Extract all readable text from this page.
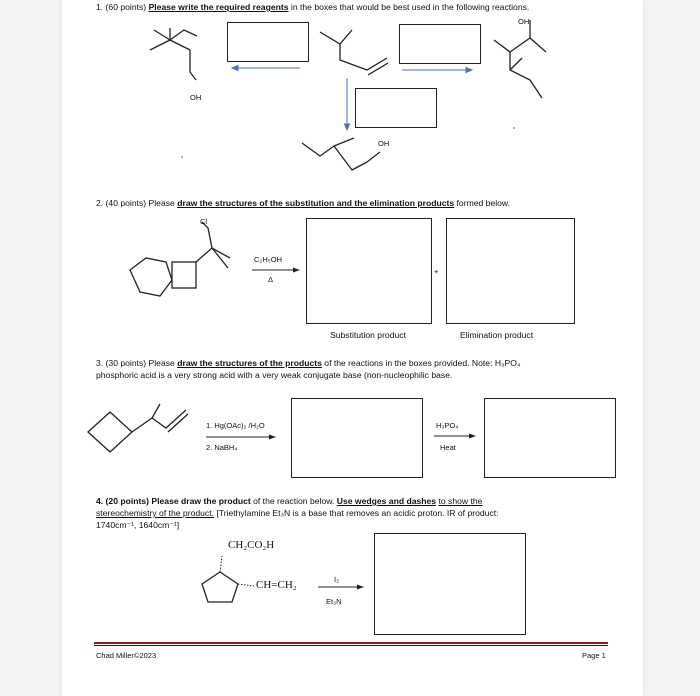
1. (60 points) Please write the required reagents in the boxes that would be best used in the following reactions.
OH
OH
OH
2. (40 points) Please draw the structures of the substitution and the elimination products formed below.
Cl
C₂H₅OH
Δ
+
Substitution product	Elimination product
3. (30 points) Please draw the structures of the products of the reactions in the boxes provided. Note: H₃PO₄
phosphoric acid is a very strong acid with a very weak conjugate base (non-nucleophilic base.
1. Hg(OAc)₂ /H₂O
2. NaBH₄
H₃PO₄
Heat
4. (20 points) Please draw the product of the reaction below. Use wedges and dashes to show the
stereochemistry of the product. [Triethylamine Et₃N is a base that removes an acidic proton. IR of product:
1740cm⁻¹, 1640cm⁻¹]
CH₂CO₂H
CH=CH₂	I₂
Et₃N
Chad Miller©2023	Page 1
